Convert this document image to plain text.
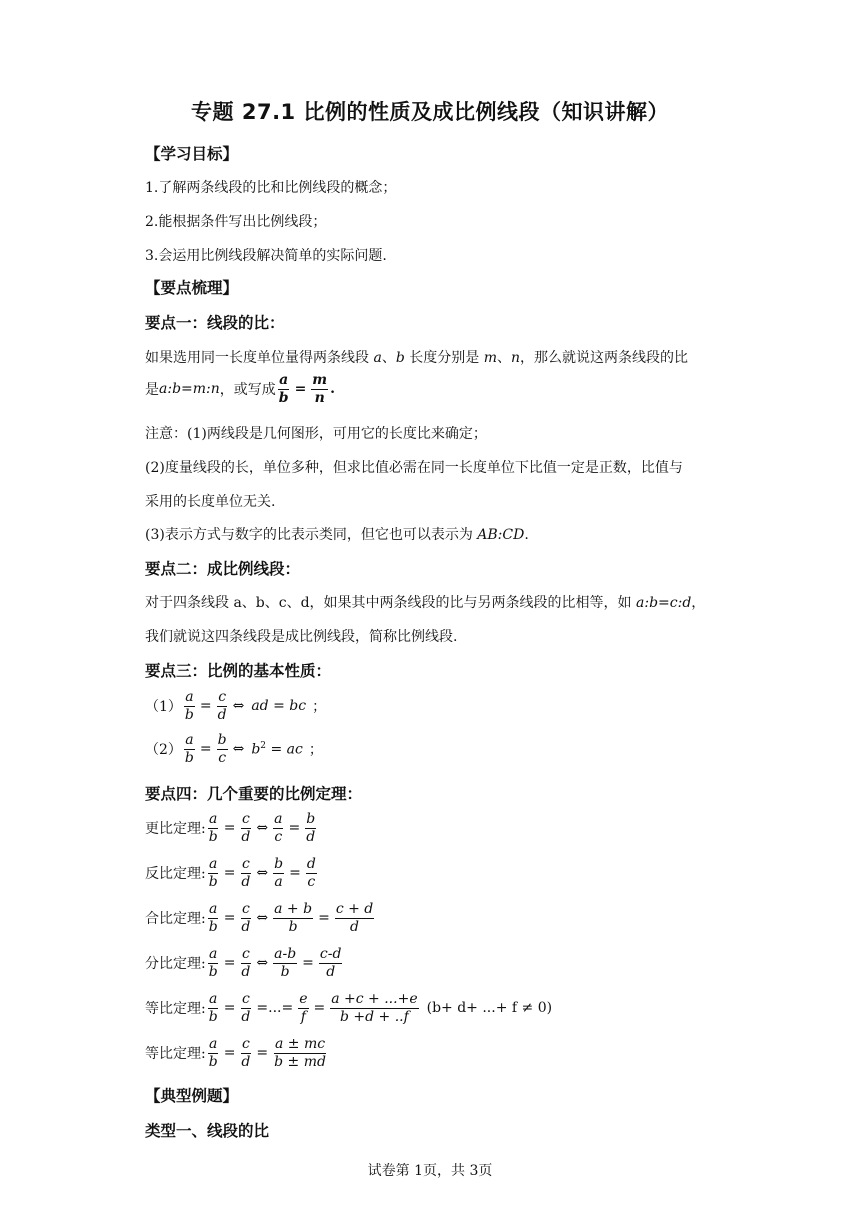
专题 27.1 比例的性质及成比例线段（知识讲解）
【学习目标】
1.了解两条线段的比和比例线段的概念；
2.能根据条件写出比例线段；
3.会运用比例线段解决简单的实际问题.
【要点梳理】
要点一：线段的比：
如果选用同一长度单位量得两条线段 a、b 长度分别是 m、n，那么就说这两条线段的比
是 a:b=m:n ，或写成 $\frac{a}{b} = \frac{m}{n}$ .
注意：(1)两线段是几何图形，可用它的长度比来确定；
(2)度量线段的长，单位多种，但求比值必需在同一长度单位下比值一定是正数，比值与
采用的长度单位无关.
(3)表示方式与数字的比表示类同，但它也可以表示为 AB:CD.
要点二：成比例线段：
对于四条线段 a、b、c、d，如果其中两条线段的比与另两条线段的比相等，如 a:b=c:d，
我们就说这四条线段是成比例线段，简称比例线段.
要点三：比例的基本性质：
$(1) \frac{a}{b} = \frac{c}{d}$ ⇔ ad = bc ；
$(2) \frac{a}{b} = \frac{b}{c}$ ⇔ $b^2$ = ac ；
要点四：几个重要的比例定理：
更比定理: $\frac{a}{b} = \frac{c}{d}$ ⇔ $\frac{a}{c} = \frac{b}{d}$
反比定理: $\frac{a}{b} = \frac{c}{d}$ ⇔ $\frac{b}{a} = \frac{d}{c}$
合比定理: $\frac{a}{b} = \frac{c}{d}$ ⇔ $\frac{a + b}{b} = \frac{c + d}{d}$
分比定理: $\frac{a}{b} = \frac{c}{d}$ ⇔ $\frac{a-b}{b} = \frac{c-d}{d}$
等比定理: $\frac{a}{b} = \frac{c}{d}$ =...= $\frac{e}{f} = \frac{a +c + ...+e}{b +d + ..f} (b+ d+$ ...+ f ≠ 0)
等比定理: $\frac{a}{b} = \frac{c}{d} = \frac{a \pm mc}{b \pm md}$
【典型例题】
类型一、线段的比
试卷第 1页，共 3页
